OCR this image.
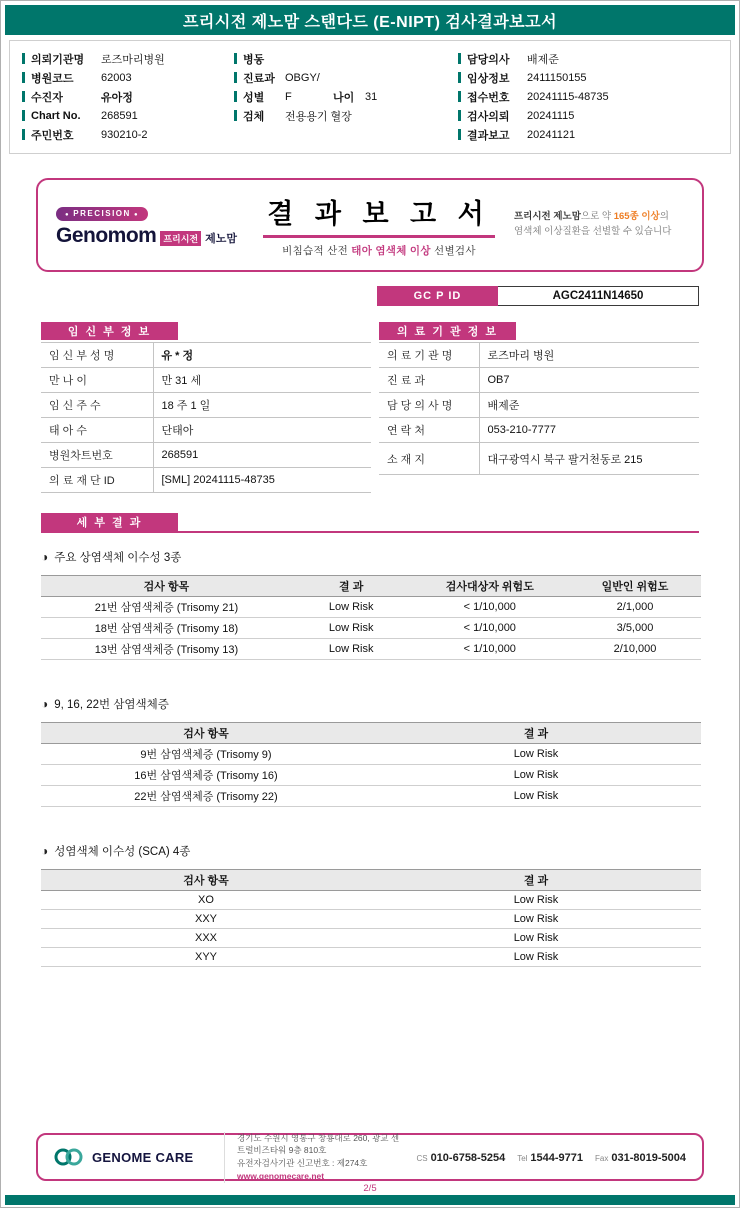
프리시전 제노맘 스탠다드 (E-NIPT) 검사결과보고서
의뢰기관명	로즈마리병원
병원코드	62003
수진자	유아정
Chart No.	268591
주민번호	930210-2
병동
진료과 OBGY/
성별	F	나이 31
검체	전용용기 혈장
담당의사	배제준
임상정보	2411150155
접수번호	20241115-48735
검사의뢰	20241115
결과보고	20241121
● PRECISION ●
Genomom 프리시전 제노맘
결 과 보 고 서
비침습적 산전 태아 염색체 이상 선별검사
프리시전 제노맘으로 약 165종 이상의
염색체 이상질환을 선별할 수 있습니다
GC P ID	AGC2411N14650
임 신 부 정 보
임 신 부 성 명	유 * 정
만 나 이	만 31 세
임 신 주 수	18 주 1 일
태 아 수	단태아
병원차트번호	268591
의 료 재 단 ID	[SML] 20241115-48735
의 료 기 관 정 보
의 료 기 관 명	로즈마리 병원
진 료 과	OB7
담 당 의 사 명	배제준
연 락 처	053-210-7777
소 재 지	대구광역시 북구 팔거천동로 215
세 부 결 과
◑ 주요 상염색체 이수성 3종
검사 항목	결 과	검사대상자 위험도	일반인 위험도
21번 삼염색체증 (Trisomy 21)	Low Risk	< 1/10,000	2/1,000
18번 삼염색체증 (Trisomy 18)	Low Risk	< 1/10,000	3/5,000
13번 삼염색체증 (Trisomy 13)	Low Risk	< 1/10,000	2/10,000
◑ 9, 16, 22번 삼염색체증
검사 항목	결 과
9번 삼염색체증 (Trisomy 9)	Low Risk
16번 삼염색체증 (Trisomy 16)	Low Risk
22번 삼염색체증 (Trisomy 22)	Low Risk
◑ 성염색체 이수성 (SCA) 4종
검사 항목	결 과
XO	Low Risk
XXY	Low Risk
XXX	Low Risk
XYY	Low Risk
GENOME CARE
경기도 수원시 영통구 창룡대로 260, 광교 센트럴비즈타워 9층 810호
유전자검사기관 신고번호 : 제274호
www.genomecare.net
CS 010-6758-5254 Tel 1544-9771 Fax 031-8019-5004
2/5
